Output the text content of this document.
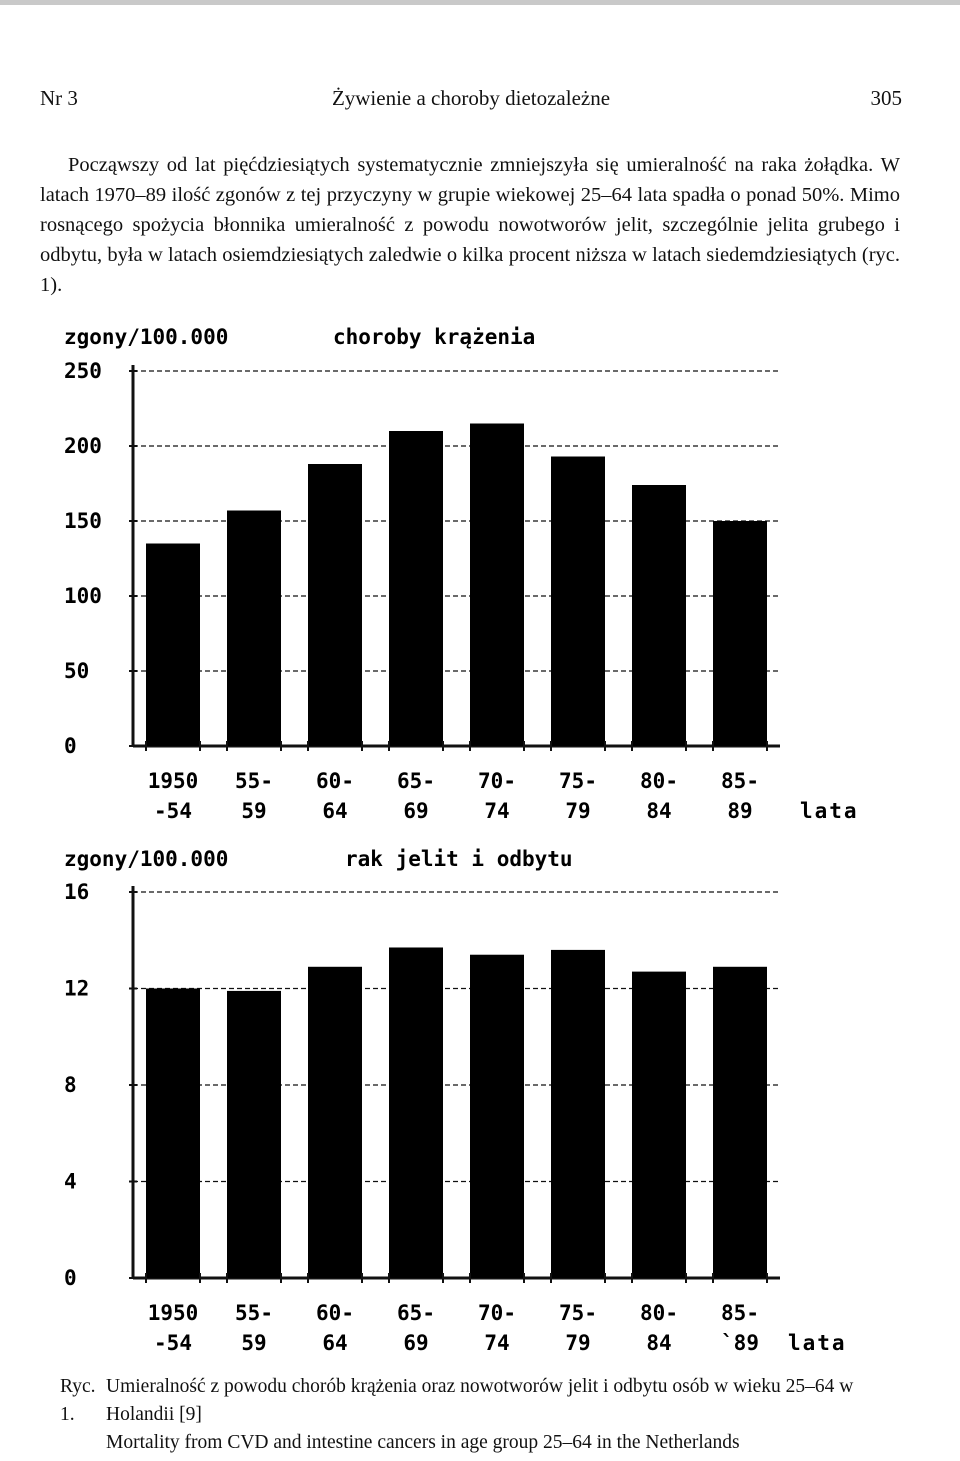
Nr 3	Żywienie a choroby dietozależne	305

Począwszy od lat pięćdziesiątych systematycznie zmniejszyła się umieralność na raka żołądka. W latach 1970–89 ilość zgonów z tej przyczyny w grupie wiekowej 25–64 lata spadła o ponad 50%. Mimo rosnącego spożycia błonnika umieralność z powodu nowotworów jelit, szczególnie jelita grubego i odbytu, była w latach osiemdziesiątych zaledwie o kilka procent niższa w latach siedemdziesiątych (ryc. 1).

zgony/100.000	choroby krążenia
0
50
100
150
200
250
1950
-54
55-
59
60-
64
65-
69
70-
74
75-
79
80-
84
85-
89 lata
zgony/100.000	rak jelit i odbytu
0
4
8
12
16
1950
-54
55-
59
60-
64
65-
69
70-
74
75-
79
80-
84
85-
`89 lata
Ryc. 1.
Umieralność z powodu chorób krążenia oraz nowotworów jelit i odbytu osób w wieku 25–64 w Holandii [9]
Mortality from CVD and intestine cancers in age group 25–64 in the Netherlands
